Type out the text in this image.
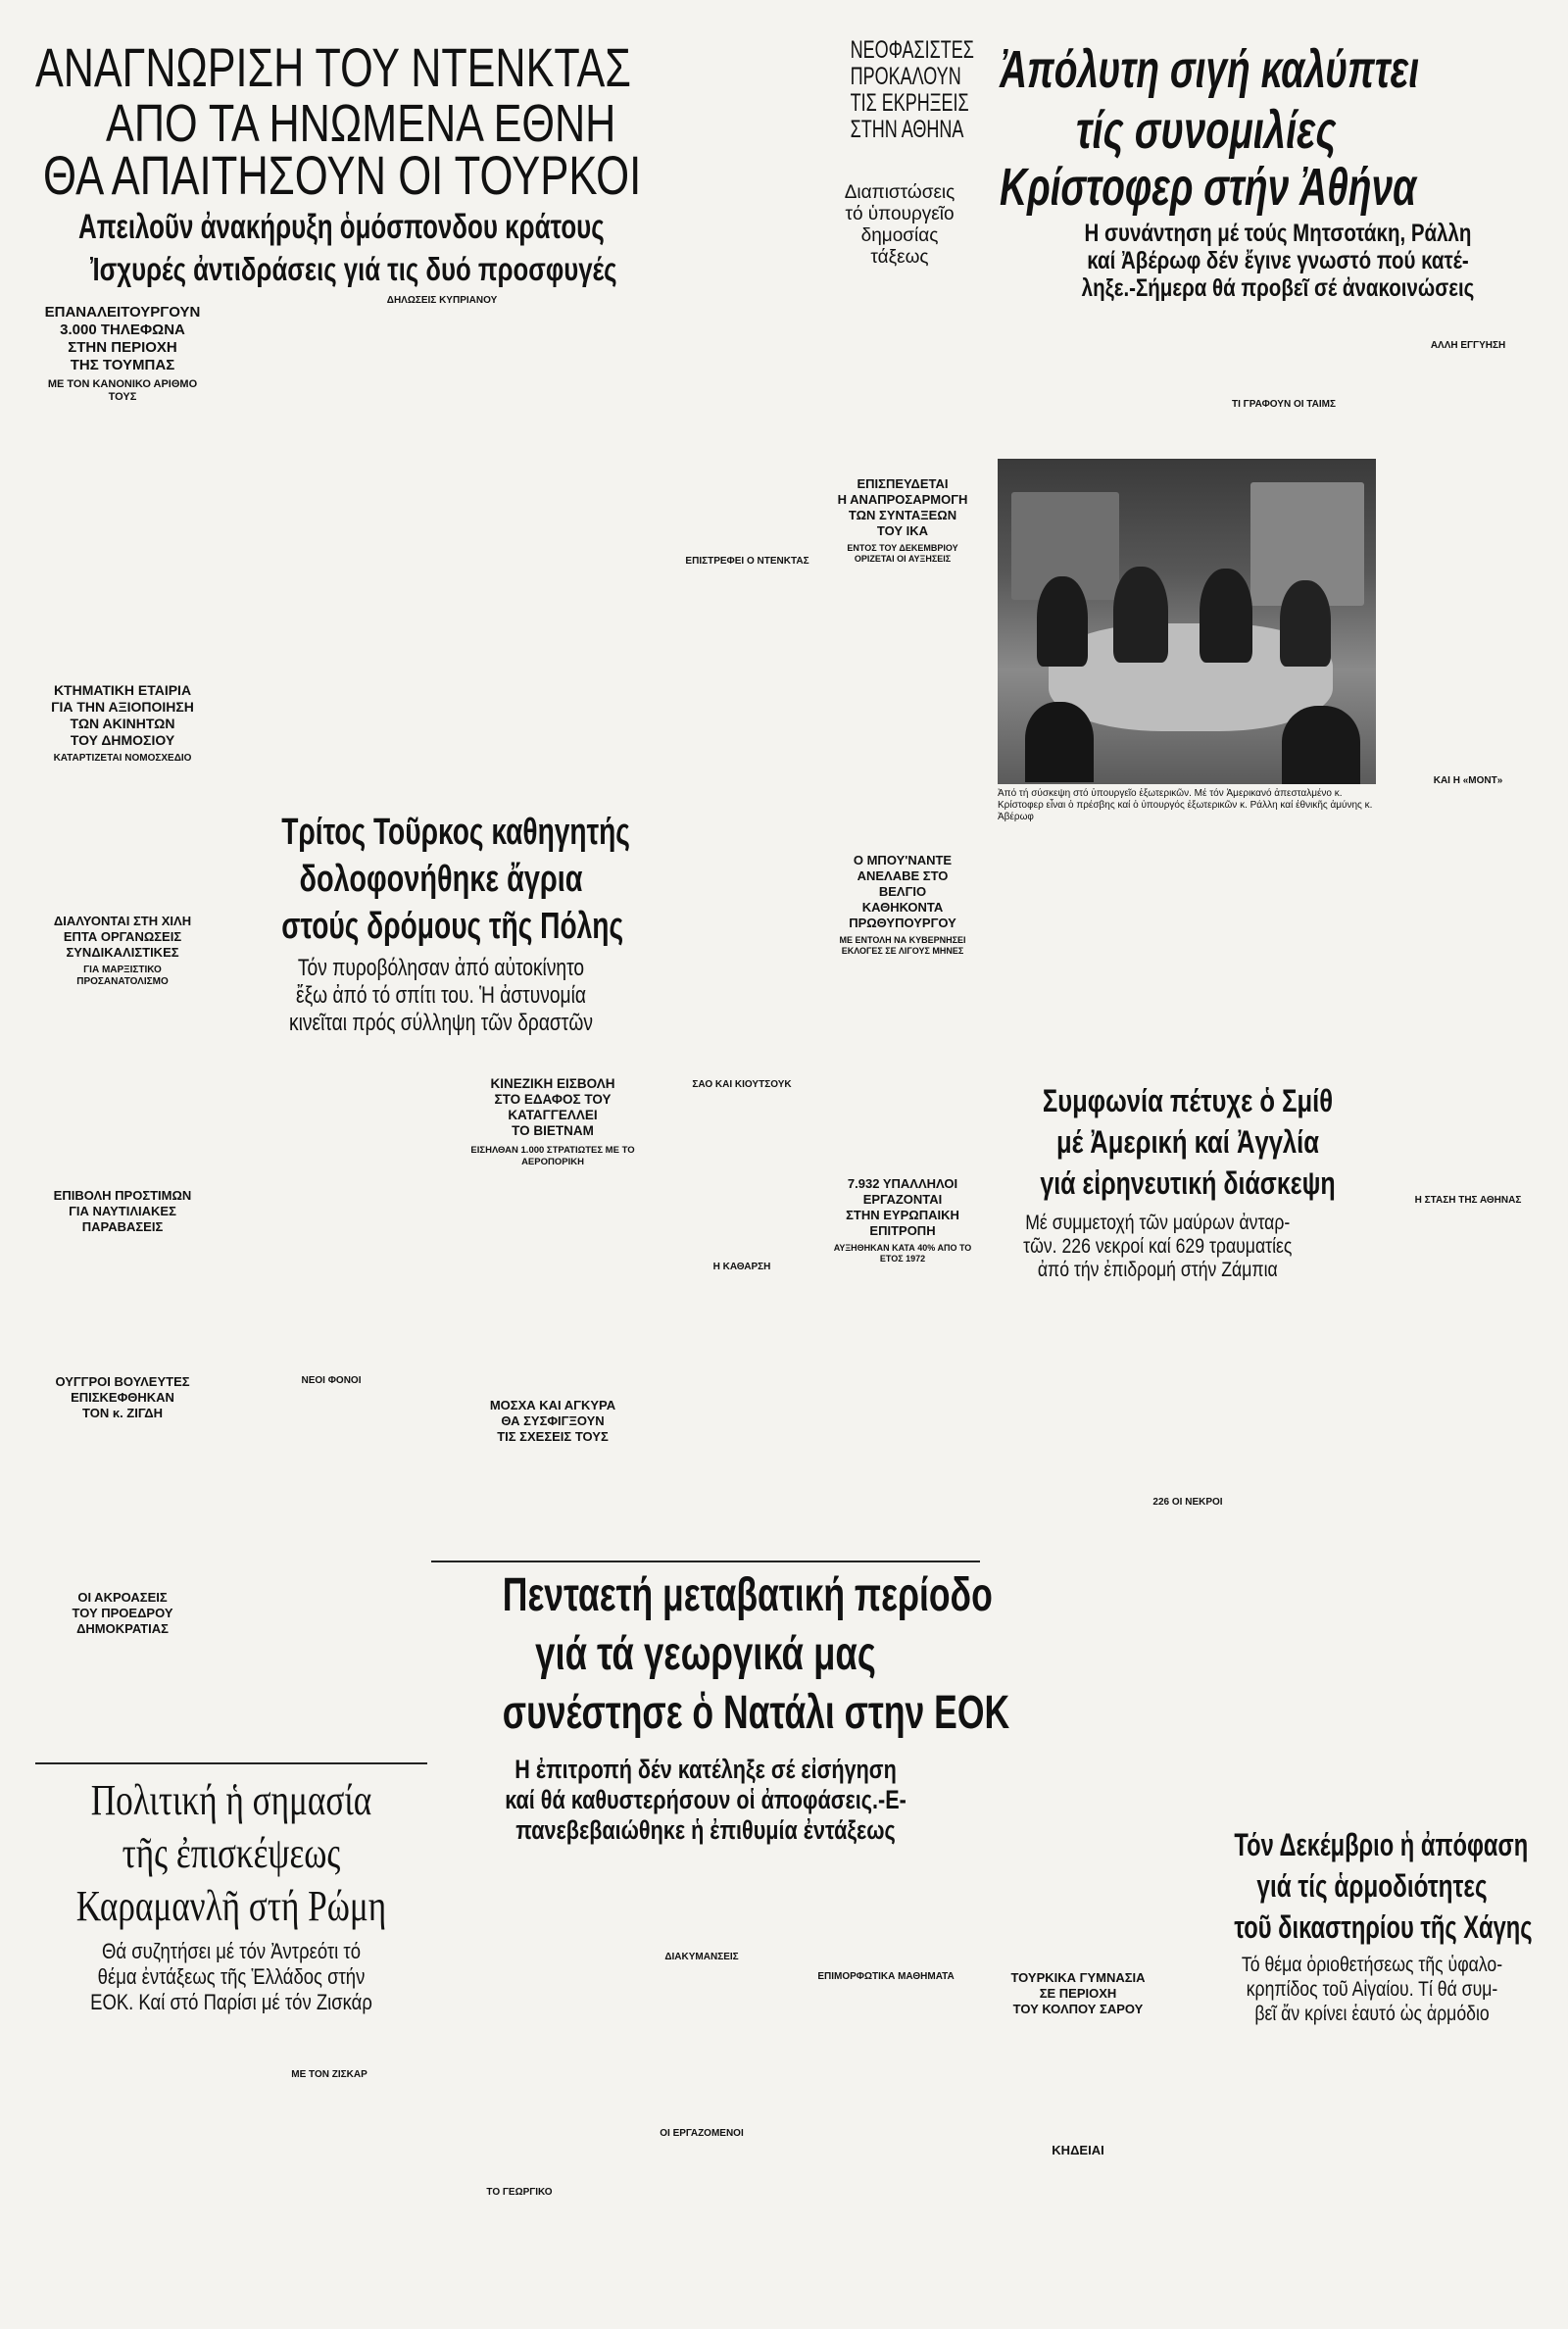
ΑΝΑΓΝΩΡΙΣΗ ΤΟΥ ΝΤΕΝΚΤΑΣ
ΑΠΟ ΤΑ ΗΝΩΜΕΝΑ ΕΘΝΗ
ΘΑ ΑΠΑΙΤΗΣΟΥΝ ΟΙ ΤΟΥΡΚΟΙ
Απειλοῦν ἀνακήρυξη ὁμόσπονδου κράτους
Ἰσχυρές ἀντιδράσεις γιά τις δυό προσφυγές
ΝΕΟΦΑΣΙΣΤΕΣ
ΠΡΟΚΑΛΟΥΝ
ΤΙΣ ΕΚΡΗΞΕΙΣ
ΣΤΗΝ ΑΘΗΝΑ
Διαπιστώσεις
τό ὑπουργεῖο
δημοσίας τάξεως
Ἀπόλυτη σιγή καλύπτει
τίς συνομιλίες
Κρίστοφερ στήν Ἀθήνα
Η συνάντηση μέ τούς Μητσοτάκη, Ράλλη
καί Ἀβέρωφ δέν ἔγινε γνωστό πού κατέ-
ληξε.-Σήμερα θά προβεῖ σέ ἀνακοινώσεις
ΕΠΑΝΑΛΕΙΤΟΥΡΓΟΥΝ
3.000 ΤΗΛΕΦΩΝΑ
ΣΤΗΝ ΠΕΡΙΟΧΗ
ΤΗΣ ΤΟΥΜΠΑΣ
ΜΕ ΤΟΝ ΚΑΝΟΝΙΚΟ ΑΡΙΘΜΟ ΤΟΥΣ
ΚΤΗΜΑΤΙΚΗ ΕΤΑΙΡΙΑ
ΓΙΑ ΤΗΝ ΑΞΙΟΠΟΙΗΣΗ
ΤΩΝ ΑΚΙΝΗΤΩΝ
ΤΟΥ ΔΗΜΟΣΙΟΥ
ΚΑΤΑΡΤΙΖΕΤΑΙ ΝΟΜΟΣΧΕΔΙΟ
ΔΙΑΛΥΟΝΤΑΙ ΣΤΗ ΧΙΛΗ
ΕΠΤΑ ΟΡΓΑΝΩΣΕΙΣ
ΣΥΝΔΙΚΑΛΙΣΤΙΚΕΣ
ΓΙΑ ΜΑΡΞΙΣΤΙΚΟ ΠΡΟΣΑΝΑΤΟΛΙΣΜΟ
ΕΠΙΒΟΛΗ ΠΡΟΣΤΙΜΩΝ
ΓΙΑ ΝΑΥΤΙΛΙΑΚΕΣ
ΠΑΡΑΒΑΣΕΙΣ
ΟΥΓΓΡΟΙ ΒΟΥΛΕΥΤΕΣ
ΕΠΙΣΚΕΦΘΗΚΑΝ
ΤΟΝ κ. ΖΙΓΔΗ
ΟΙ ΑΚΡΟΑΣΕΙΣ
ΤΟΥ ΠΡΟΕΔΡΟΥ
ΔΗΜΟΚΡΑΤΙΑΣ
ΔΗΛΩΣΕΙΣ ΚΥΠΡΙΑΝΟΥ
Τρίτος Τοῦρκος καθηγητής
δολοφονήθηκε ἄγρια
στούς δρόμους τῆς Πόλης
Τόν πυροβόλησαν ἀπό αὐτοκίνητο
ἔξω ἀπό τό σπίτι του. Ἡ ἀστυνομία
κινεῖται πρός σύλληψη τῶν δραστῶν
ΝΕΟΙ ΦΟΝΟΙ
ΕΠΙΣΤΡΕΦΕΙ Ο ΝΤΕΝΚΤΑΣ
ΚΙΝΕΖΙΚΗ ΕΙΣΒΟΛΗ
ΣΤΟ ΕΔΑΦΟΣ ΤΟΥ
ΚΑΤΑΓΓΕΛΛΕΙ
ΤΟ ΒΙΕΤΝΑΜ
ΕΙΣΗΛΘΑΝ 1.000 ΣΤΡΑΤΙΩΤΕΣ ΜΕ ΤΟ ΑΕΡΟΠΟΡΙΚΗ
ΜΟΣΧΑ ΚΑΙ ΑΓΚΥΡΑ
ΘΑ ΣΥΣΦΙΓΞΟΥΝ
ΤΙΣ ΣΧΕΣΕΙΣ ΤΟΥΣ
ΣΑΟ ΚΑΙ ΚΙΟΥΤΣΟΥΚ
Η ΚΑΘΑΡΣΗ
ΕΠΙΣΠΕΥΔΕΤΑΙ
Η ΑΝΑΠΡΟΣΑΡΜΟΓΗ
ΤΩΝ ΣΥΝΤΑΞΕΩΝ
ΤΟΥ ΙΚΑ
ΕΝΤΟΣ ΤΟΥ ΔΕΚΕΜΒΡΙΟΥ ΟΡΙΖΕΤΑΙ ΟΙ ΑΥΞΗΣΕΙΣ
Ο ΜΠΟΥ'ΝΑΝΤΕ
ΑΝΕΛΑΒΕ ΣΤΟ ΒΕΛΓΙΟ
ΚΑΘΗΚΟΝΤΑ
ΠΡΩΘΥΠΟΥΡΓΟΥ
ΜΕ ΕΝΤΟΛΗ ΝΑ ΚΥΒΕΡΝΗΣΕΙ ΕΚΛΟΓΕΣ ΣΕ ΛΙΓΟΥΣ ΜΗΝΕΣ
7.932 ΥΠΑΛΛΗΛΟΙ
ΕΡΓΑΖΟΝΤΑΙ
ΣΤΗΝ ΕΥΡΩΠΑΙΚΗ
ΕΠΙΤΡΟΠΗ
ΑΥΞΗΘΗΚΑΝ ΚΑΤΑ 40% ΑΠΟ ΤΟ ΕΤΟΣ 1972
ΑΛΛΗ ΕΓΓΥΗΣΗ
ΤΙ ΓΡΑΦΟΥΝ ΟΙ ΤΑΙΜΣ
Ἀπό τή σύσκεψη στό ὑπουργεῖο ἐξωτερικῶν. Μέ τόν Ἀμερικανό ἀπεσταλμένο κ. Κρίστοφερ εἶναι ὁ πρέσβης καί ὁ ὑπουργός ἐξωτερικῶν κ. Ράλλη καί ἐθνικῆς ἀμύνης κ. Ἀβέρωφ
ΚΑΙ Η «ΜΟΝΤ»
Η ΣΤΑΣΗ ΤΗΣ ΑΘΗΝΑΣ
Συμφωνία πέτυχε ὁ Σμίθ
μέ Ἀμερική καί Ἀγγλία
γιά εἰρηνευτική διάσκεψη
Μέ συμμετοχή τῶν μαύρων ἀνταρ-
τῶν. 226 νεκροί καί 629 τραυματίες
ἀπό τήν ἐπιδρομή στήν Ζάμπια
226 ΟΙ ΝΕΚΡΟΙ
Πενταετή μεταβατική περίοδο
γιά τά γεωργικά μας
συνέστησε ὁ Νατάλι στην ΕΟΚ
Η ἐπιτροπή δέν κατέληξε σέ εἰσήγηση
καί θά καθυστερήσουν οἱ ἀποφάσεις.-Ε-
πανεβεβαιώθηκε ἡ ἐπιθυμία ἐντάξεως
Πολιτική ἡ σημασία
τῆς ἐπισκέψεως
Καραμανλῆ στή Ρώμη
Θά συζητήσει μέ τόν Ἀντρεότι τό
θέμα ἐντάξεως τῆς Ἑλλάδος στήν
ΕΟΚ. Καί στό Παρίσι μέ τόν Ζισκάρ
ΜΕ ΤΟΝ ΖΙΣΚΑΡ
ΤΟ ΓΕΩΡΓΙΚΟ
ΔΙΑΚΥΜΑΝΣΕΙΣ
ΟΙ ΕΡΓΑΖΟΜΕΝΟΙ
ΕΠΙΜΟΡΦΩΤΙΚΑ ΜΑΘΗΜΑΤΑ	ΤΟΥΡΚΙΚΑ ΓΥΜΝΑΣΙΑ
ΣΕ ΠΕΡΙΟΧΗ
ΤΟΥ ΚΟΛΠΟΥ ΣΑΡΟΥ
ΚΗΔΕΙΑΙ
Τόν Δεκέμβριο ἡ ἀπόφαση
γιά τίς ἁρμοδιότητες
τοῦ δικαστηρίου τῆς Χάγης
Τό θέμα ὁριοθετήσεως τῆς ὑφαλο-
κρηπίδος τοῦ Αἰγαίου. Τί θά συμ-
βεῖ ἄν κρίνει ἑαυτό ὡς ἁρμόδιο
